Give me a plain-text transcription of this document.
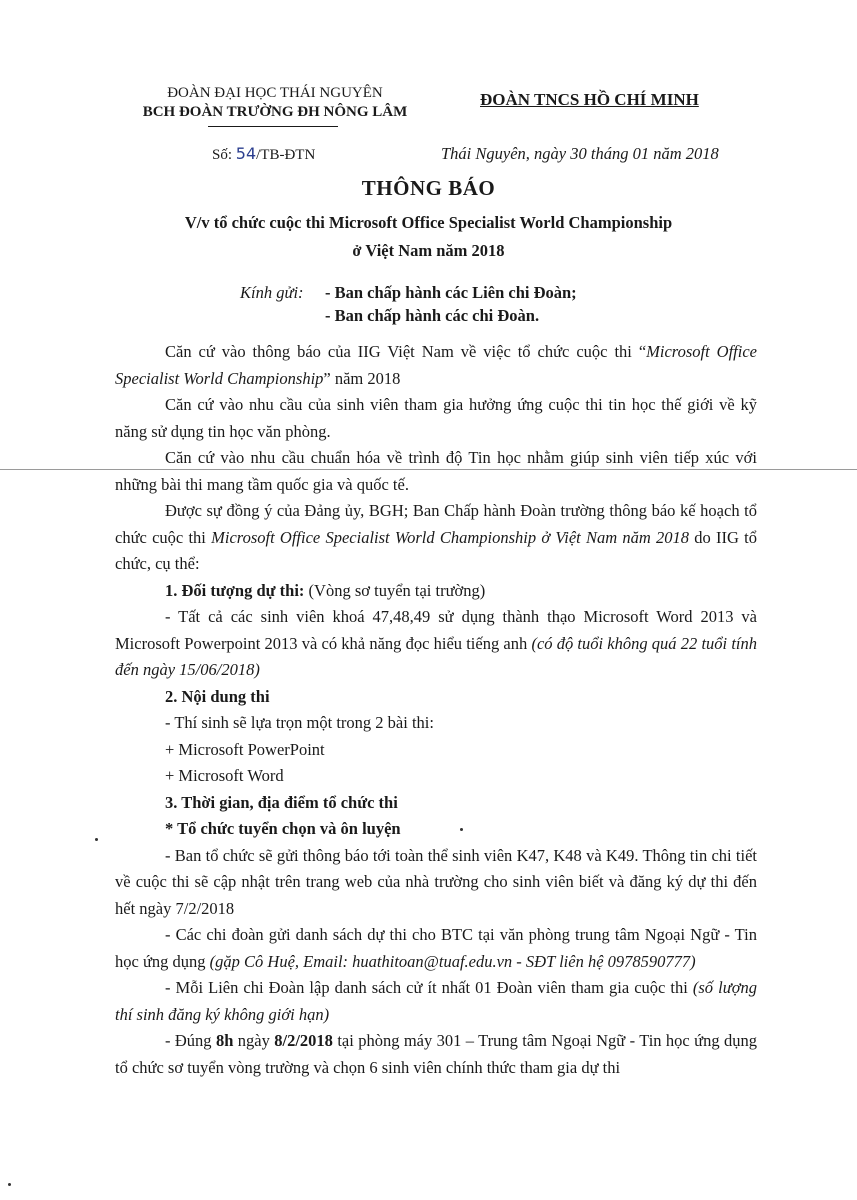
ĐOÀN ĐẠI HỌC THÁI NGUYÊN
BCH ĐOÀN TRƯỜNG ĐH NÔNG LÂM
ĐOÀN TNCS HỒ CHÍ MINH
Số: 54/TB-ĐTN	Thái Nguyên, ngày 30 tháng 01 năm 2018
THÔNG BÁO
V/v tổ chức cuộc thi Microsoft Office Specialist World Championship
ở Việt Nam năm 2018
Kính gửi: - Ban chấp hành các Liên chi Đoàn;
- Ban chấp hành các chi Đoàn.

Căn cứ vào thông báo của IIG Việt Nam về việc tổ chức cuộc thi “Microsoft Office Specialist World Championship” năm 2018

Căn cứ vào nhu cầu của sinh viên tham gia hưởng ứng cuộc thi tin học thế giới về kỹ năng sử dụng tin học văn phòng.

Căn cứ vào nhu cầu chuẩn hóa về trình độ Tin học nhằm giúp sinh viên tiếp xúc với những bài thi mang tầm quốc gia và quốc tế.

Được sự đồng ý của Đảng ủy, BGH; Ban Chấp hành Đoàn trường thông báo kế hoạch tổ chức cuộc thi Microsoft Office Specialist World Championship ở Việt Nam năm 2018 do IIG tổ chức, cụ thể:

1. Đối tượng dự thi: (Vòng sơ tuyển tại trường)

- Tất cả các sinh viên khoá 47,48,49 sử dụng thành thạo Microsoft Word 2013 và Microsoft Powerpoint 2013 và có khả năng đọc hiểu tiếng anh (có độ tuổi không quá 22 tuổi tính đến ngày 15/06/2018)

2. Nội dung thi

- Thí sinh sẽ lựa trọn một trong 2 bài thi:

+ Microsoft PowerPoint

+ Microsoft Word

3. Thời gian, địa điểm tổ chức thi

* Tổ chức tuyển chọn và ôn luyện

- Ban tổ chức sẽ gửi thông báo tới toàn thể sinh viên K47, K48 và K49. Thông tin chi tiết về cuộc thi sẽ cập nhật trên trang web của nhà trường cho sinh viên biết và đăng ký dự thi đến hết ngày 7/2/2018

- Các chi đoàn gửi danh sách dự thi cho BTC tại văn phòng trung tâm Ngoại Ngữ - Tin học ứng dụng (gặp Cô Huệ, Email: huathitoan@tuaf.edu.vn - SĐT liên hệ 0978590777)

- Mỗi Liên chi Đoàn lập danh sách cử ít nhất 01 Đoàn viên tham gia cuộc thi (số lượng thí sinh đăng ký không giới hạn)

- Đúng 8h ngày 8/2/2018 tại phòng máy 301 – Trung tâm Ngoại Ngữ - Tin học ứng dụng tổ chức sơ tuyển vòng trường và chọn 6 sinh viên chính thức tham gia dự thi
